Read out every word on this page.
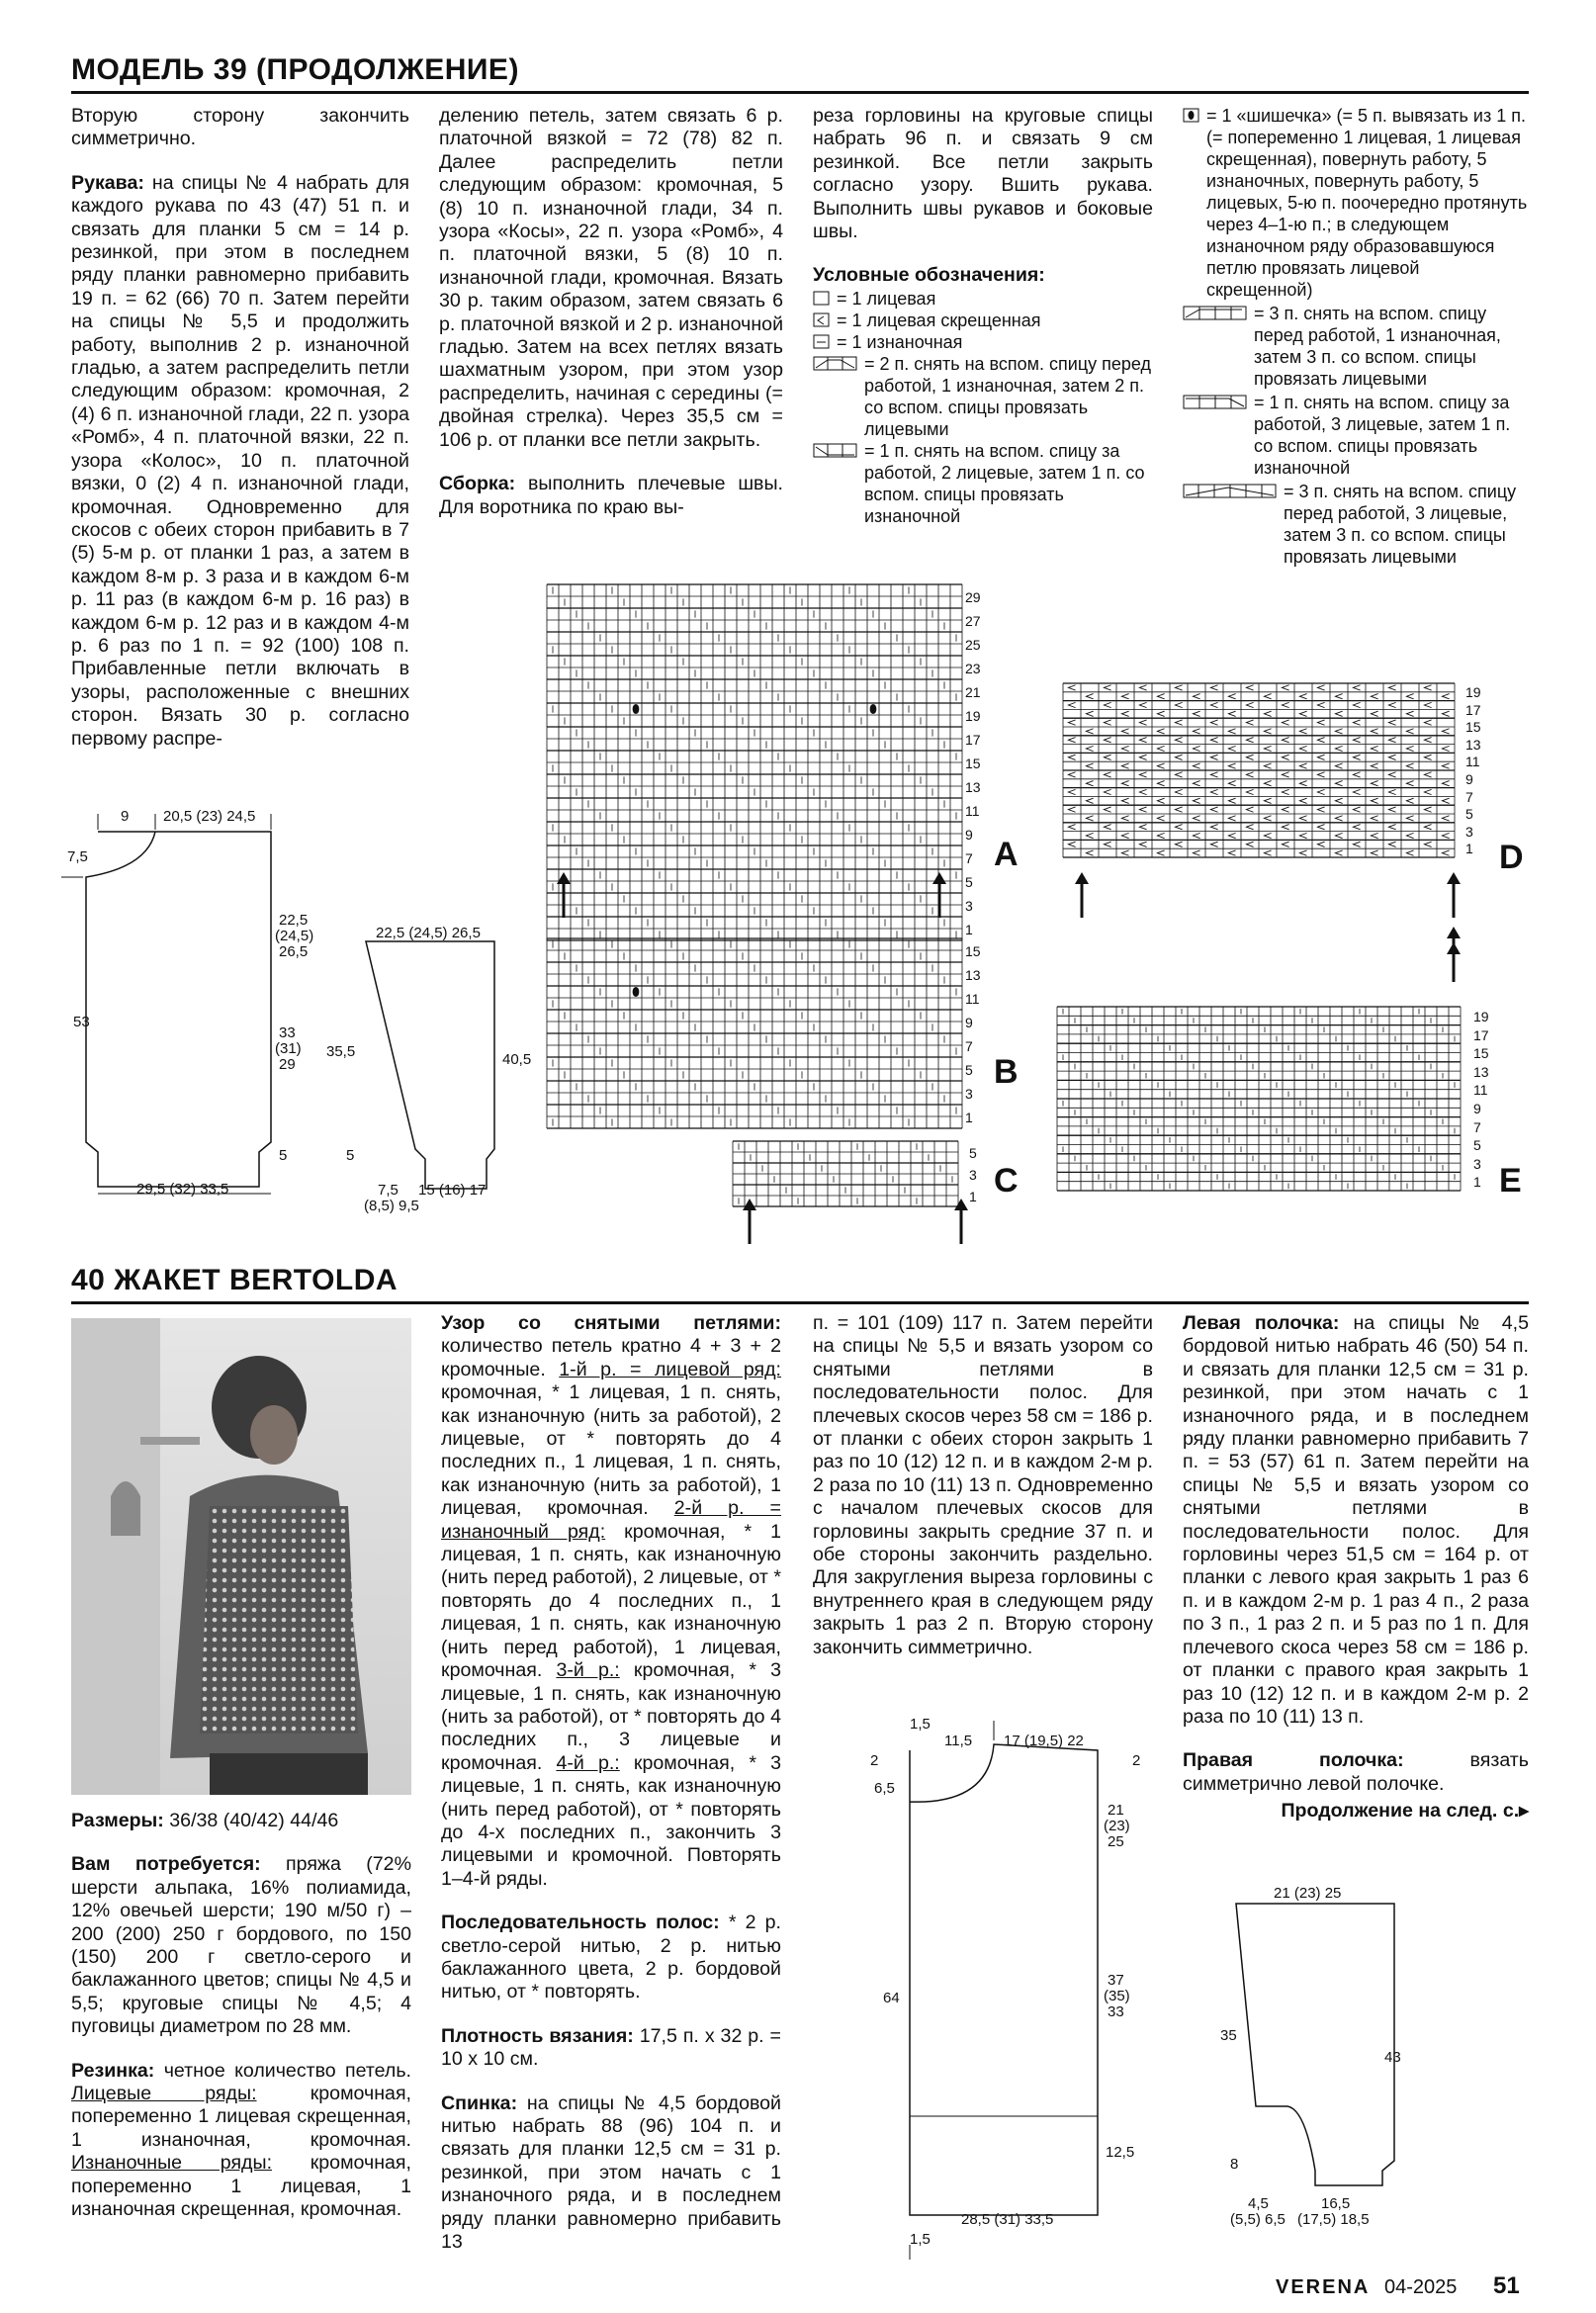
МОДЕЛЬ 39 (ПРОДОЛЖЕНИЕ)

Вторую сторону закончить симметрично.

Рукава: на спицы № 4 набрать для каждого рукава по 43 (47) 51 п. и связать для планки 5 см = 14 р. резинкой, при этом в последнем ряду планки равномерно прибавить 19 п. = 62 (66) 70 п. Затем перейти на спицы № 5,5 и продолжить работу, выполнив 2 р. изнаночной гладью, а затем распределить петли следующим образом: кромочная, 2 (4) 6 п. изнаночной глади, 22 п. узора «Ромб», 4 п. платочной вязки, 22 п. узора «Колос», 10 п. платочной вязки, 0 (2) 4 п. изнаночной глади, кромочная. Одновременно для скосов с обеих сторон прибавить в 7 (5) 5-м р. от планки 1 раз, а затем в каждом 8-м р. 3 раза и в каждом 6-м р. 11 раз (в каждом 6-м р. 16 раз) в каждом 6-м р. 12 раз и в каждом 4-м р. 6 раз по 1 п. = 92 (100) 108 п. Прибавленные петли включать в узоры, расположенные с внешних сторон. Вязать 30 р. согласно первому распре-

делению петель, затем связать 6 р. платочной вязкой = 72 (78) 82 п. Далее распределить петли следующим образом: кромочная, 5 (8) 10 п. изнаночной глади, 34 п. узора «Косы», 22 п. узора «Ромб», 4 п. платочной вязки, 5 (8) 10 п. изнаночной глади, кромочная. Вязать 30 р. таким образом, затем связать 6 р. платочной вязкой и 2 р. изнаночной гладью. Затем на всех петлях вязать шахматным узором, при этом узор распределить, начиная с середины (= двойная стрелка). Через 35,5 см = 106 р. от планки все петли закрыть.

Сборка: выполнить плечевые швы. Для воротника по краю вы-

реза горловины на круговые спицы набрать 96 п. и связать 9 см резинкой. Все петли закрыть согласно узору. Вшить рукава. Выполнить швы рукавов и боковые швы.

Условные обозначения:
= 1 лицевая
= 1 лицевая скрещенная
= 1 изнаночная
= 2 п. снять на вспом. спицу перед работой, 1 изнаночная, затем 2 п. со вспом. спицы провязать лицевыми
= 1 п. снять на вспом. спицу за работой, 2 лицевые, затем 1 п. со вспом. спицы провязать изнаночной
= 1 «шишечка» (= 5 п. вывязать из 1 п. (= попеременно 1 лицевая, 1 лицевая скрещенная), повернуть работу, 5 изнаночных, повернуть работу, 5 лицевых, 5-ю п. поочередно протянуть через 4–1-ю п.; в следующем изнаночном ряду образовавшуюся петлю провязать лицевой скрещенной)
= 3 п. снять на вспом. спицу перед работой, 1 изнаночная, затем 3 п. со вспом. спицы провязать лицевыми
= 1 п. снять на вспом. спицу за работой, 3 лицевые, затем 1 п. со вспом. спицы провязать изнаночной
= 3 п. снять на вспом. спицу перед работой, 3 лицевые, затем 3 п. со вспом. спицы провязать лицевыми
29
27
25
23
21
19
17
15
13
11
9
7
5
3
1
A
15
13
11
9
7
5
3
1
B
5
3
1 C
19
17
15
13
11
9
7
5
3
1 D
19
17
15
13
11
9
7
5
3
1 E
9 20,5 (23) 24,5
7,5
22,5
(24,5)
26,5
53
33
(31)
29
5
29,5 (32) 33,5
22,5 (24,5) 26,5
35,5	40,5
5
7,5
(8,5) 9,5
15 (16) 17
40 ЖАКЕТ BERTOLDA

Размеры: 36/38 (40/42) 44/46

Вам потребуется: пряжа (72% шерсти альпака, 16% полиамида, 12% овечьей шерсти; 190 м/50 г) – 200 (200) 250 г бордового, по 150 (150) 200 г светло-серого и баклажанного цветов; спицы № 4,5 и 5,5; круговые спицы № 4,5; 4 пуговицы диаметром по 28 мм.

Резинка: четное количество петель. Лицевые ряды: кромочная, попеременно 1 лицевая скрещенная, 1 изнаночная, кромочная. Изнаночные ряды: кромочная, попеременно 1 лицевая, 1 изнаночная скрещенная, кромочная.

Узор со снятыми петлями: количество петель кратно 4 + 3 + 2 кромочные. 1-й р. = лицевой ряд: кромочная, * 1 лицевая, 1 п. снять, как изнаночную (нить за работой), 2 лицевые, от * повторять до 4 последних п., 1 лицевая, 1 п. снять, как изнаночную (нить за работой), 1 лицевая, кромочная. 2-й р. = изнаночный ряд: кромочная, * 1 лицевая, 1 п. снять, как изнаночную (нить перед работой), 2 лицевые, от * повторять до 4 последних п., 1 лицевая, 1 п. снять, как изнаночную (нить перед работой), 1 лицевая, кромочная. 3-й р.: кромочная, * 3 лицевые, 1 п. снять, как изнаночную (нить за работой), от * повторять до 4 последних п., 3 лицевые и кромочная. 4-й р.: кромочная, * 3 лицевые, 1 п. снять, как изнаночную (нить перед работой), от * повторять до 4-х последних п., закончить 3 лицевыми и кромочной. Повторять 1–4-й ряды.

Последовательность полос: * 2 р. светло-серой нитью, 2 р. нитью баклажанного цвета, 2 р. бордовой нитью, от * повторять.

Плотность вязания: 17,5 п. x 32 р. = 10 x 10 см.

Спинка: на спицы № 4,5 бордовой нитью набрать 88 (96) 104 п. и связать для планки 12,5 см = 31 р. резинкой, при этом начать с 1 изнаночного ряда, и в последнем ряду планки равномерно прибавить 13

п. = 101 (109) 117 п. Затем перейти на спицы № 5,5 и вязать узором со снятыми петлями в последовательности полос. Для плечевых скосов через 58 см = 186 р. от планки с обеих сторон закрыть 1 раз по 10 (12) 12 п. и в каждом 2-м р. 2 раза по 10 (11) 13 п. Одновременно с началом плечевых скосов для горловины закрыть средние 37 п. и обе стороны закончить раздельно. Для закругления выреза горловины с внутреннего края в следующем ряду закрыть 1 раз 2 п. Вторую сторону закончить симметрично.

Левая полочка: на спицы № 4,5 бордовой нитью набрать 46 (50) 54 п. и связать для планки 12,5 см = 31 р. резинкой, при этом начать с 1 изнаночного ряда, и в последнем ряду планки равномерно прибавить 7 п. = 53 (57) 61 п. Затем перейти на спицы № 5,5 и вязать узором со снятыми петлями в последовательности полос. Для горловины через 51,5 см = 164 р. от планки с левого края закрыть 1 раз 6 п. и в каждом 2-м р. 1 раз 4 п., 2 раза по 3 п., 1 раз 2 п. и 5 раз по 1 п. Для плечевого скоса через 58 см = 186 р. от планки с правого края закрыть 1 раз 10 (12) 12 п. и в каждом 2-м р. 2 раза по 10 (11) 13 п.

Правая полочка: вязать симметрично левой полочке.

Продолжение на след. с.▸
1,5
11,5 17 (19,5) 22
2	2
6,5
21
(23)
25
64
37
(35)
33
12,5
28,5 (31) 33,5
1,5
21 (23) 25
35
43
8
4,5
(5,5) 6,5
16,5
(17,5) 18,5
VERENA 04-2025 51
